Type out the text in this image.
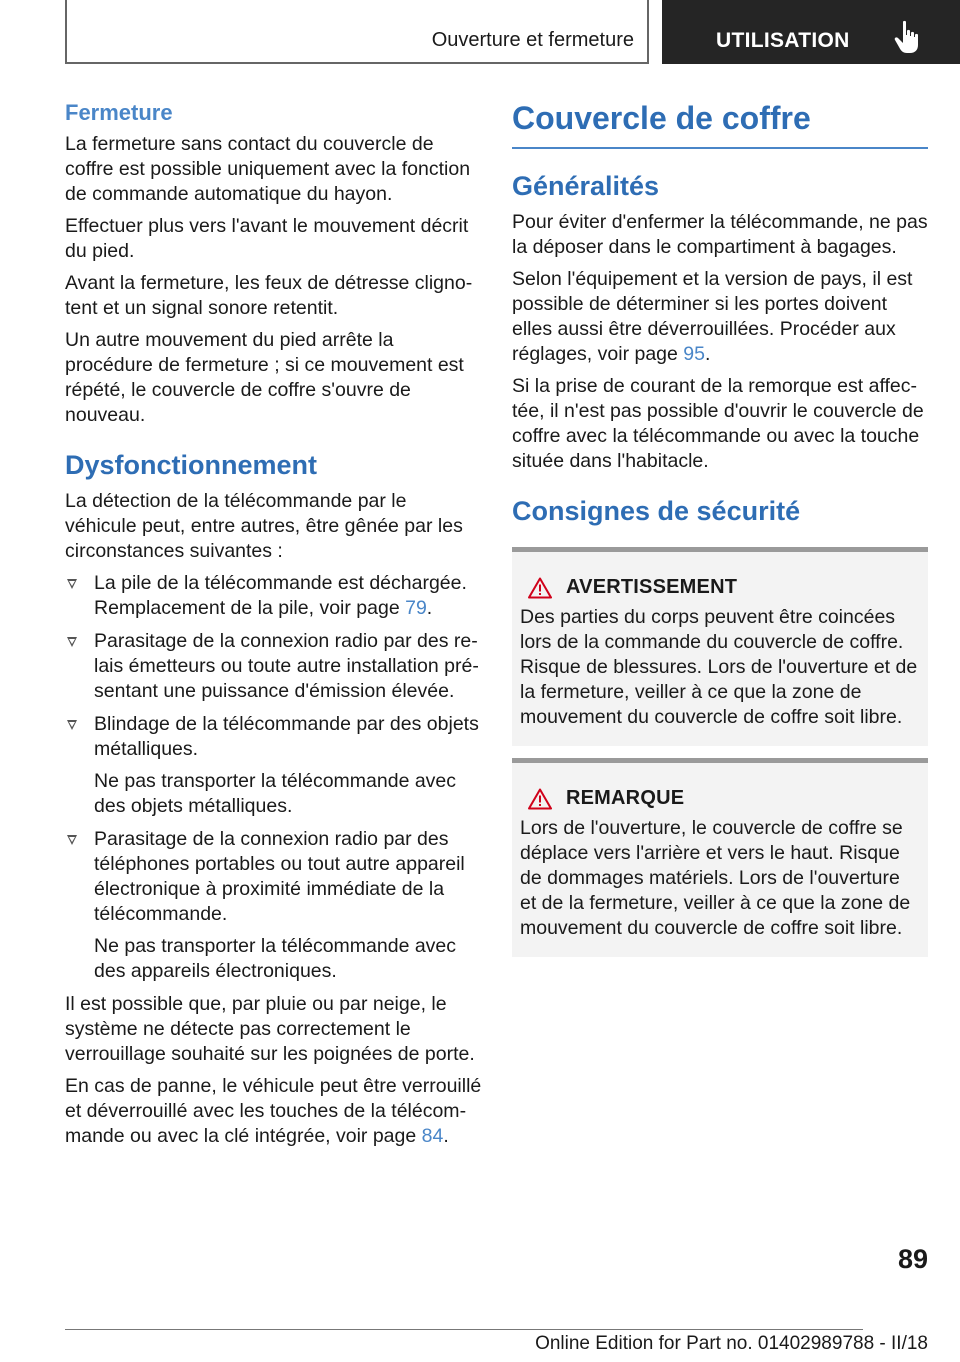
Ouverture et fermeture	UTILISATION
Fermeture

La fermeture sans contact du couvercle de coffre est possible uniquement avec la fonction de commande automatique du hayon.

Effectuer plus vers l'avant le mouvement décrit du pied.

Avant la fermeture, les feux de détresse clignotent et un signal sonore retentit.

Un autre mouvement du pied arrête la procédure de fermeture ; si ce mouvement est répété, le couvercle de coffre s'ouvre de nouveau.

Dysfonctionnement

La détection de la télécommande par le véhicule peut, entre autres, être gênée par les circonstances suivantes :

La pile de la télécommande est déchargée. Remplacement de la pile, voir page 79.

Parasitage de la connexion radio par des relais émetteurs ou toute autre installation présentant une puissance d'émission élevée.

Blindage de la télécommande par des objets métalliques.

Ne pas transporter la télécommande avec des objets métalliques.

Parasitage de la connexion radio par des téléphones portables ou tout autre appareil électronique à proximité immédiate de la télécommande.

Ne pas transporter la télécommande avec des appareils électroniques.

Il est possible que, par pluie ou par neige, le système ne détecte pas correctement le verrouillage souhaité sur les poignées de porte.

En cas de panne, le véhicule peut être verrouillé et déverrouillé avec les touches de la télécommande ou avec la clé intégrée, voir page 84.

Couvercle de coffre
Généralités

Pour éviter d'enfermer la télécommande, ne pas la déposer dans le compartiment à bagages.

Selon l'équipement et la version de pays, il est possible de déterminer si les portes doivent elles aussi être déverrouillées. Procéder aux réglages, voir page 95.

Si la prise de courant de la remorque est affectée, il n'est pas possible d'ouvrir le couvercle de coffre avec la télécommande ou avec la touche située dans l'habitacle.

Consignes de sécurité
AVERTISSEMENT

Des parties du corps peuvent être coincées lors de la commande du couvercle de coffre. Risque de blessures. Lors de l'ouverture et de la fermeture, veiller à ce que la zone de mouvement du couvercle de coffre soit libre.

REMARQUE

Lors de l'ouverture, le couvercle de coffre se déplace vers l'arrière et vers le haut. Risque de dommages matériels. Lors de l'ouverture et de la fermeture, veiller à ce que la zone de mouvement du couvercle de coffre soit libre.

89
Online Edition for Part no. 01402989788 - II/18
